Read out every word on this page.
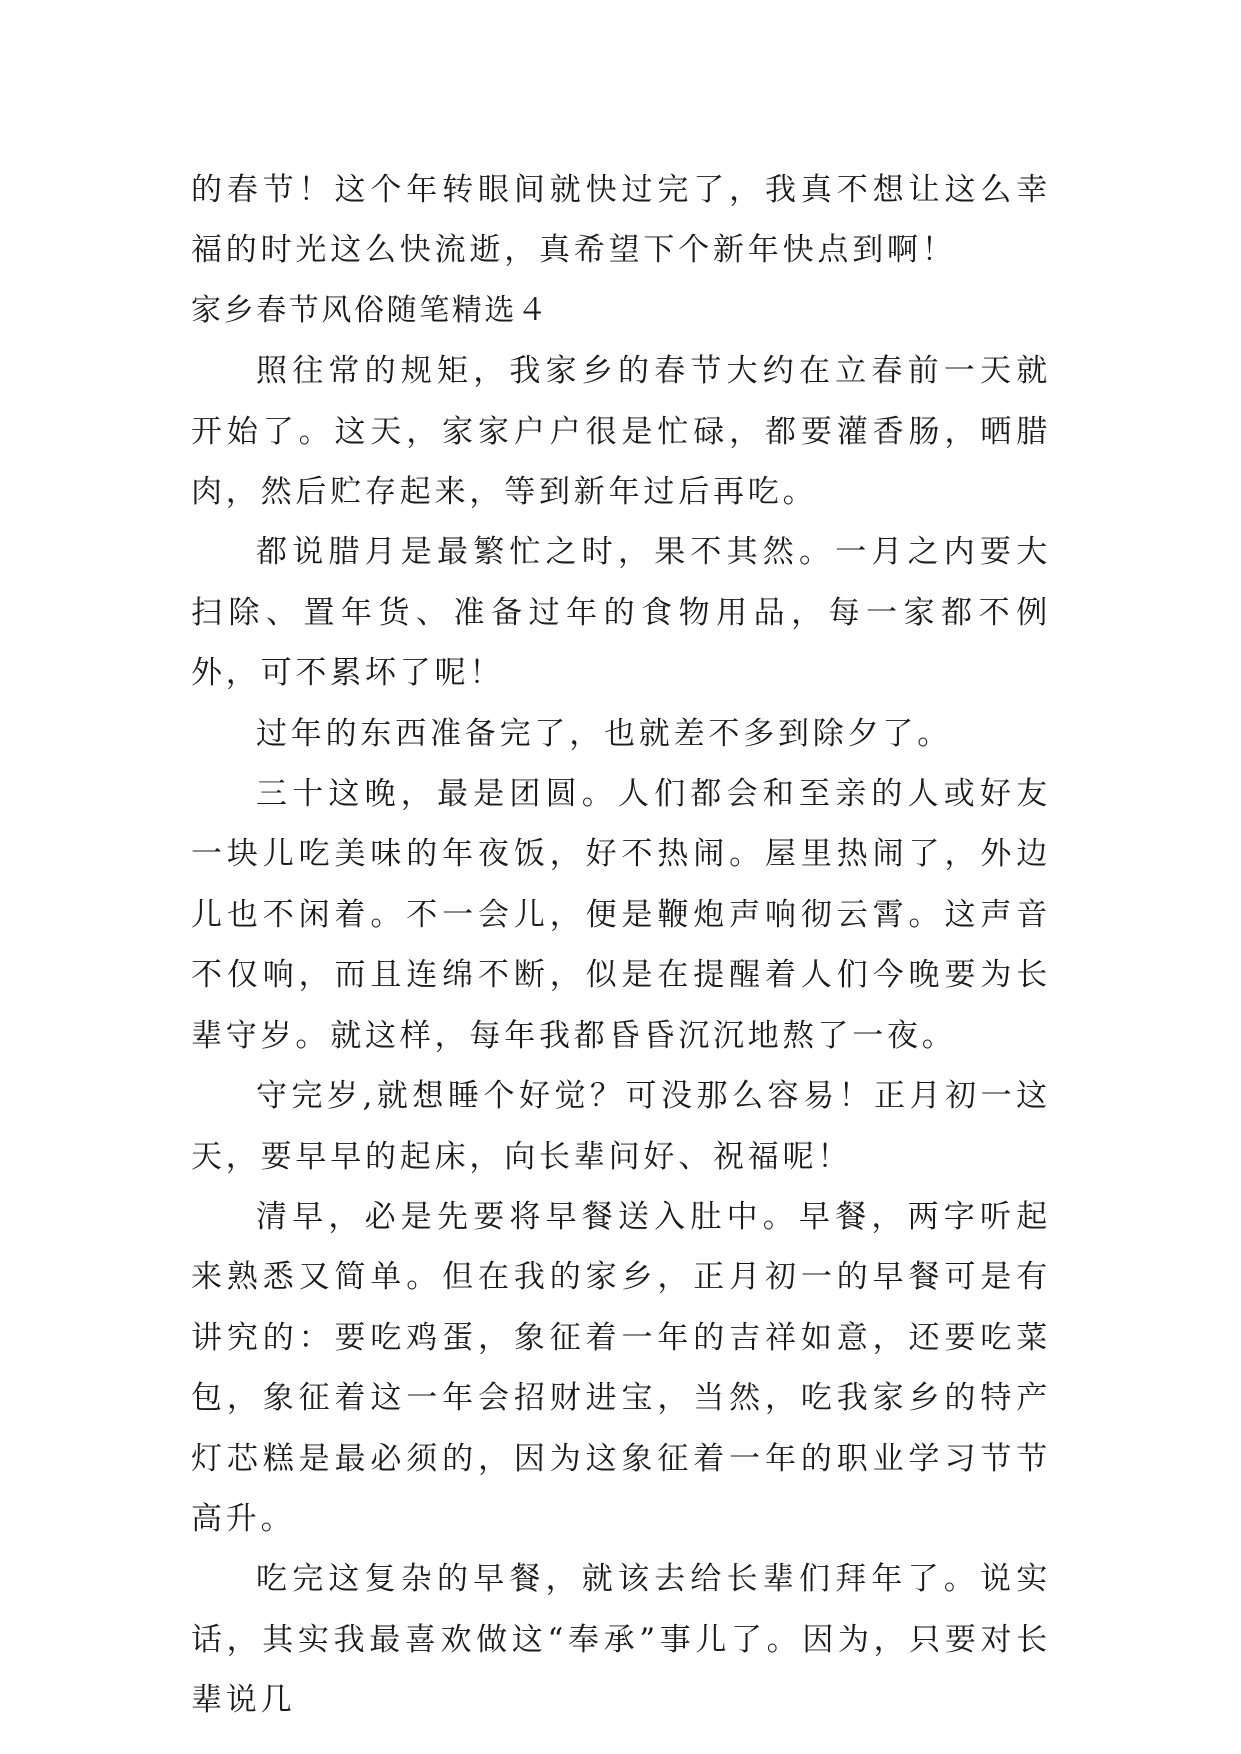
的春节！这个年转眼间就快过完了，我真不想让这么幸福的时光这么快流逝，真希望下个新年快点到啊！

家乡春节风俗随笔精选４

照往常的规矩，我家乡的春节大约在立春前一天就开始了。这天，家家户户很是忙碌，都要灌香肠，晒腊肉，然后贮存起来，等到新年过后再吃。

都说腊月是最繁忙之时，果不其然。一月之内要大扫除、置年货、准备过年的食物用品，每一家都不例外，可不累坏了呢！

过年的东西准备完了，也就差不多到除夕了。

三十这晚，最是团圆。人们都会和至亲的人或好友一块儿吃美味的年夜饭，好不热闹。屋里热闹了，外边儿也不闲着。不一会儿，便是鞭炮声响彻云霄。这声音不仅响，而且连绵不断，似是在提醒着人们今晚要为长辈守岁。就这样，每年我都昏昏沉沉地熬了一夜。

守完岁,就想睡个好觉？可没那么容易！正月初一这天，要早早的起床，向长辈问好、祝福呢！

清早，必是先要将早餐送入肚中。早餐，两字听起来熟悉又简单。但在我的家乡，正月初一的早餐可是有讲究的：要吃鸡蛋，象征着一年的吉祥如意，还要吃菜包，象征着这一年会招财进宝，当然，吃我家乡的特产灯芯糕是最必须的，因为这象征着一年的职业学习节节高升。

吃完这复杂的早餐，就该去给长辈们拜年了。说实话，其实我最喜欢做这“奉承”事儿了。因为，只要对长辈说几
